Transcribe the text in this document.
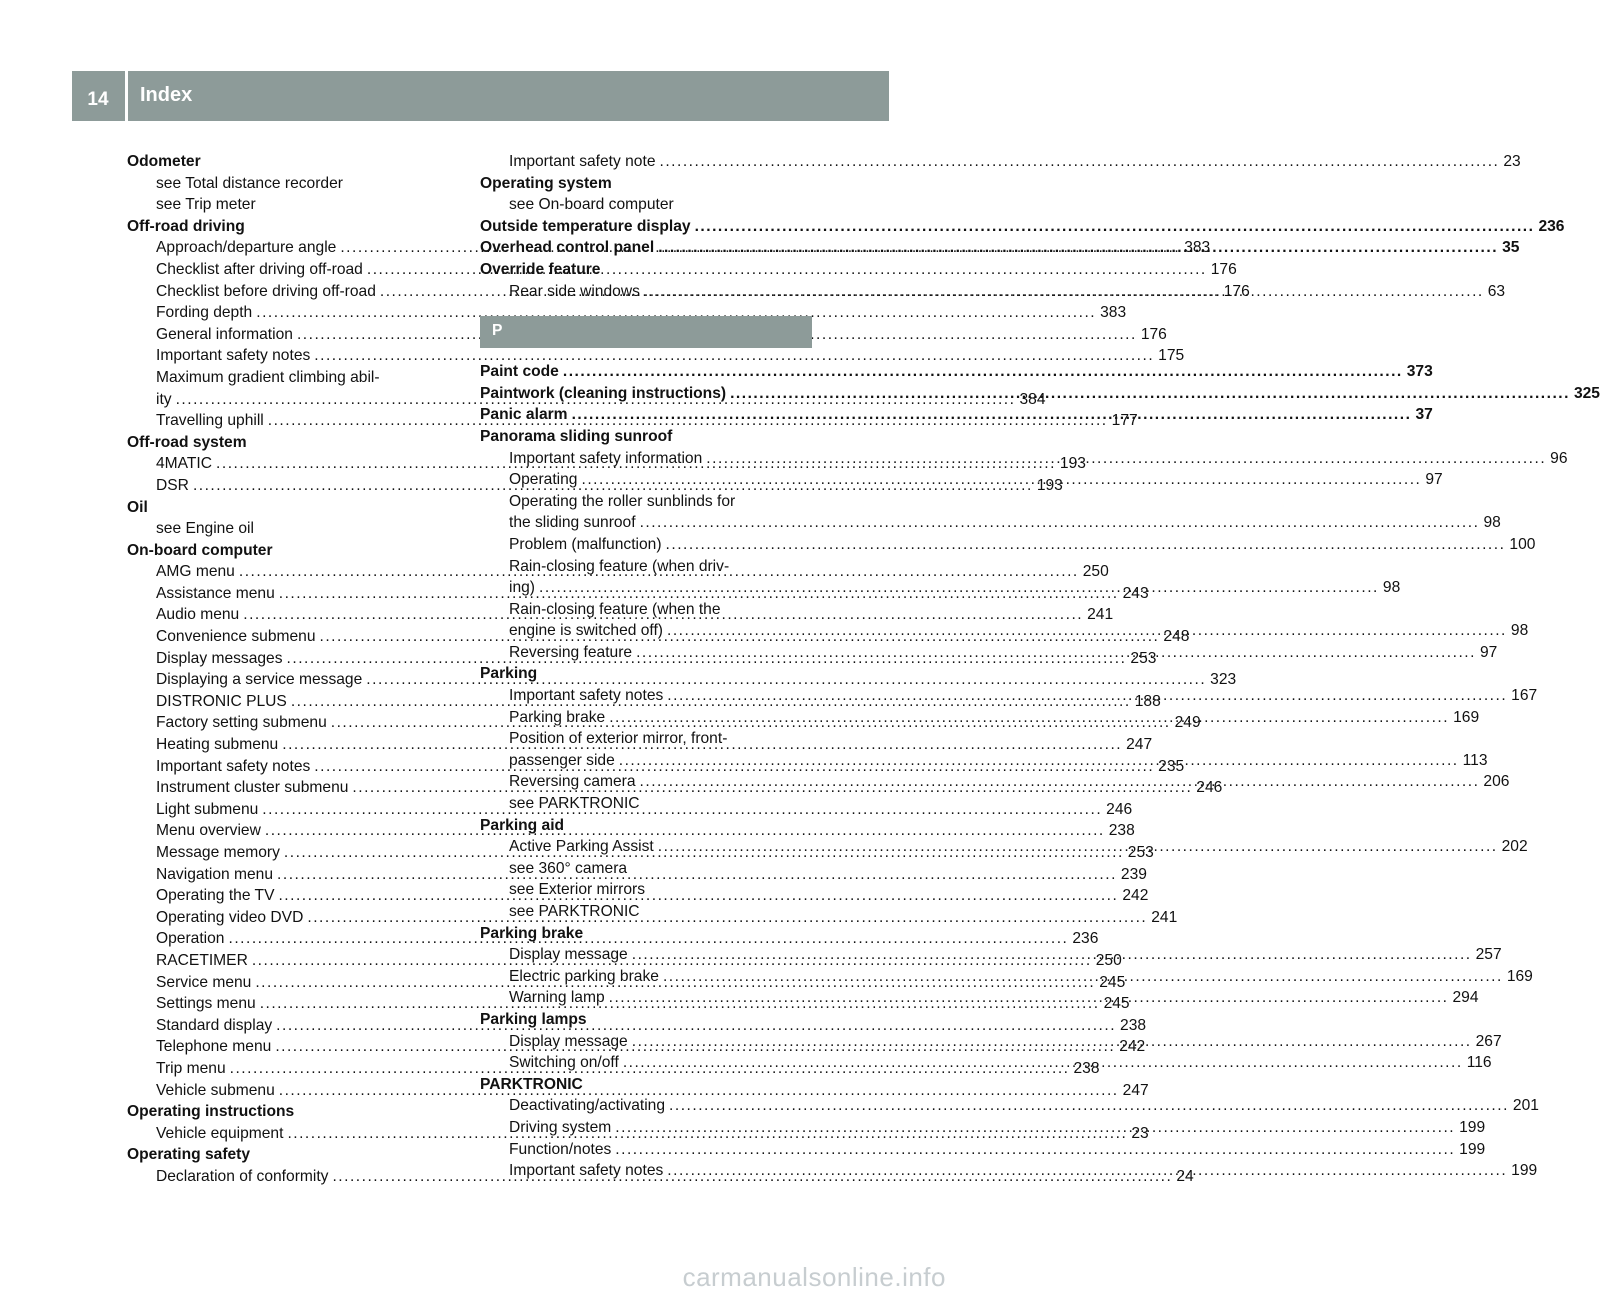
14	Index
Odometer
see Total distance recorder
see Trip meter
Off-road driving
Approach/departure angle .....	383
Checklist after driving off-road .....	176
Checklist before driving off-road .....	176
Fording depth .....	383
General information .....	176
Important safety notes .....	175
Maximum gradient climbing abil-
ity .....	384
Travelling uphill .....	177
Off-road system
4MATIC .....	193
DSR .....	193
Oil
see Engine oil
On-board computer
AMG menu .....	250
Assistance menu .....	243
Audio menu .....	241
Convenience submenu .....	248
Display messages .....	253
Displaying a service message .....	323
DISTRONIC PLUS .....	188
Factory setting submenu .....	249
Heating submenu .....	247
Important safety notes .....	235
Instrument cluster submenu .....	246
Light submenu .....	246
Menu overview .....	238
Message memory .....	253
Navigation menu .....	239
Operating the TV .....	242
Operating video DVD .....	241
Operation .....	236
RACETIMER .....	250
Service menu .....	245
Settings menu .....	245
Standard display .....	238
Telephone menu .....	242
Trip menu .....	238
Vehicle submenu .....	247
Operating instructions
Vehicle equipment .....	23
Operating safety
Declaration of conformity .....	24
Important safety note .....	23
Operating system
see On-board computer
Outside temperature display .....	236
Overhead control panel .....	35
Override feature
Rear side windows .....	63
P
Paint code .....	373
Paintwork (cleaning instructions) .....	325
Panic alarm .....	37
Panorama sliding sunroof
Important safety information .....	96
Operating .....	97
Operating the roller sunblinds for
the sliding sunroof .....	98
Problem (malfunction) .....	100
Rain-closing feature (when driv-
ing) .....	98
Rain-closing feature (when the
engine is switched off) .....	98
Reversing feature .....	97
Parking
Important safety notes .....	167
Parking brake .....	169
Position of exterior mirror, front-
passenger side .....	113
Reversing camera .....	206
see PARKTRONIC
Parking aid
Active Parking Assist .....	202
see 360° camera
see Exterior mirrors
see PARKTRONIC
Parking brake
Display message .....	257
Electric parking brake .....	169
Warning lamp .....	294
Parking lamps
Display message .....	267
Switching on/off .....	116
PARKTRONIC
Deactivating/activating .....	201
Driving system .....	199
Function/notes .....	199
Important safety notes .....	199
carmanualsonline.info
